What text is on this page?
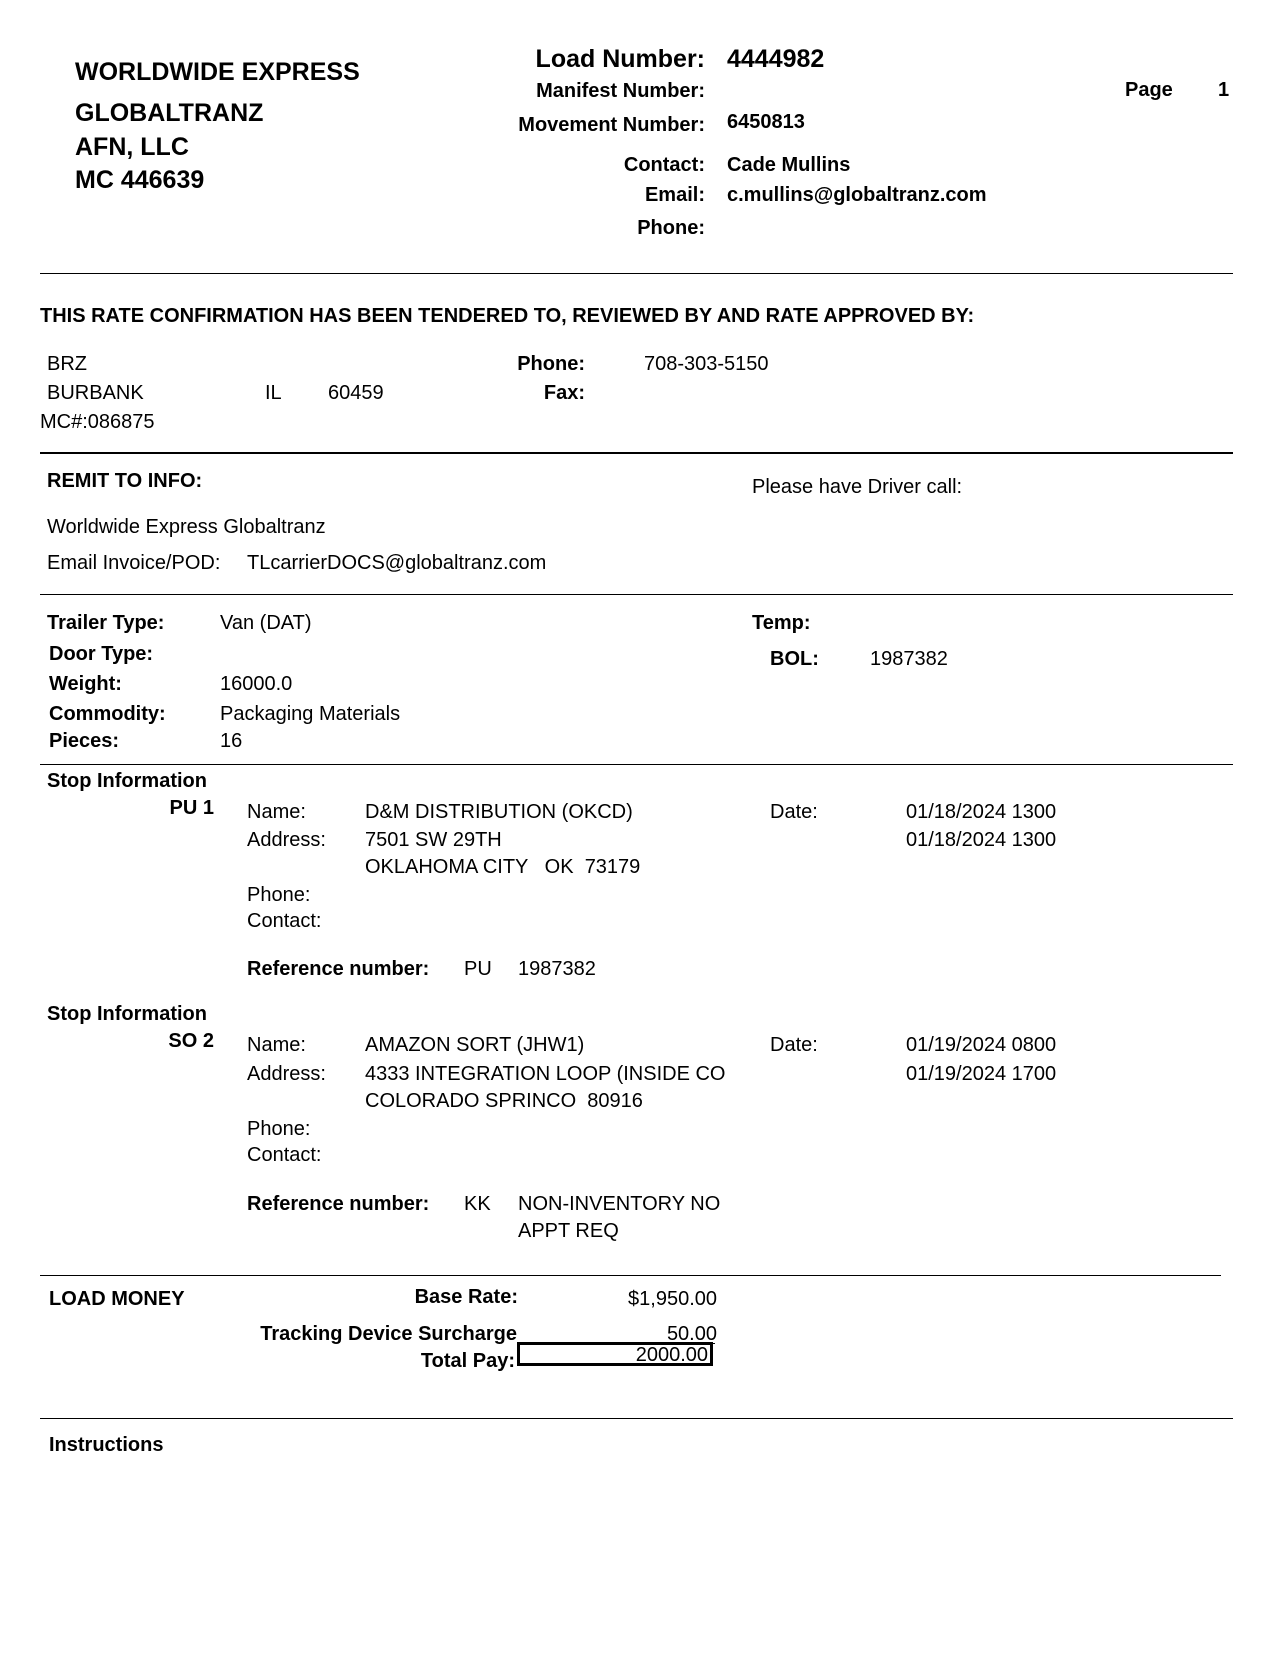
WORLDWIDE EXPRESS
GLOBALTRANZ
AFN, LLC
MC 446639
Load Number: 4444982
Manifest Number:
Movement Number: 6450813
Contact: Cade Mullins
Email: c.mullins@globaltranz.com
Phone:
Page 1
THIS RATE CONFIRMATION HAS BEEN TENDERED TO, REVIEWED BY AND RATE APPROVED BY:
BRZ
BURBANK	IL 60459
MC#:086875
Phone:	708-303-5150
Fax:
REMIT TO INFO:	Please have Driver call:
Worldwide Express Globaltranz
Email Invoice/POD: TLcarrierDOCS@globaltranz.com
Trailer Type:	Van (DAT)
Door Type:
Weight:	16000.0
Commodity:	Packaging Materials
Pieces:	16
Temp:
BOL:	1987382
Stop Information
PU 1 Name:	D&M DISTRIBUTION (OKCD)
Address: 7501 SW 29TH
OKLAHOMA CITY   OK  73179
Phone:
Contact:
Date:	01/18/2024 1300
01/18/2024 1300
Reference number: PU 1987382
Stop Information
SO 2 Name:	AMAZON SORT (JHW1)
Address: 4333 INTEGRATION LOOP (INSIDE CO
COLORADO SPRINCO  80916
Phone:
Contact:
Date:	01/19/2024 0800
01/19/2024 1700
Reference number: KK NON-INVENTORY NO
APPT REQ
LOAD MONEY	Base Rate:	$1,950.00
Tracking Device Surcharge	50.00
Total Pay:	2000.00
Instructions
